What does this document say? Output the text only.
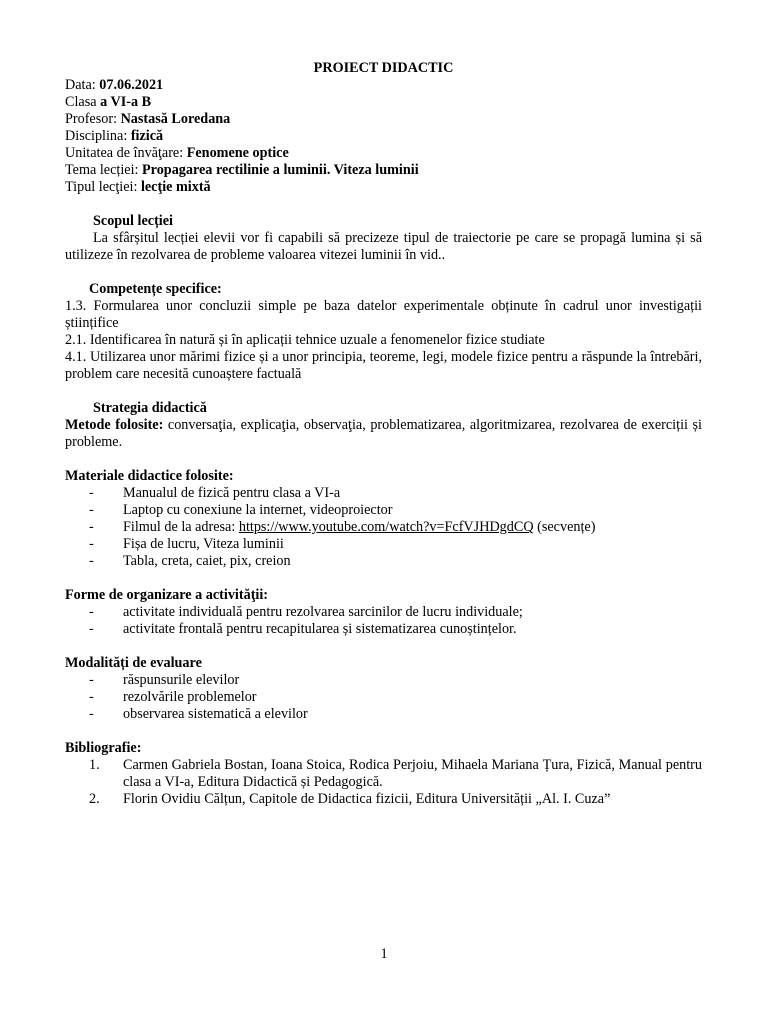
PROIECT DIDACTIC
Data: 07.06.2021
Clasa a VI-a B
Profesor: Nastasă Loredana
Disciplina: fizică
Unitatea de învăţare: Fenomene optice
Tema lecției: Propagarea rectilinie a luminii. Viteza luminii
Tipul lecţiei: lecţie mixtă
Scopul lecției
La sfârșitul lecției elevii vor fi capabili să precizeze tipul de traiectorie pe care se propagă lumina și să utilizeze în rezolvarea de probleme valoarea vitezei luminii în vid..
Competențe specifice:
1.3. Formularea unor concluzii simple pe baza datelor experimentale obținute în cadrul unor investigații științifice
2.1. Identificarea în natură și în aplicații tehnice uzuale a fenomenelor fizice studiate
4.1. Utilizarea unor mărimi fizice și a unor principia, teoreme, legi, modele fizice pentru a răspunde la întrebări, problem care necesită cunoaștere factuală
Strategia didactică
Metode folosite: conversaţia, explicaţia, observaţia, problematizarea, algoritmizarea, rezolvarea de exerciții și probleme.
Materiale didactice folosite:
- Manualul de fizică pentru clasa a VI-a
- Laptop cu conexiune la internet, videoproiector
- Filmul de la adresa: https://www.youtube.com/watch?v=FcfVJHDgdCQ (secvențe)
- Fișa de lucru, Viteza luminii
- Tabla, creta, caiet, pix, creion
Forme de organizare a activităţii:
- activitate individuală pentru rezolvarea sarcinilor de lucru individuale;
- activitate frontală pentru recapitularea și sistematizarea cunoștințelor.
Modalități de evaluare
- răspunsurile elevilor
- rezolvările problemelor
- observarea sistematică a elevilor
Bibliografie:
1. Carmen Gabriela Bostan, Ioana Stoica, Rodica Perjoiu, Mihaela Mariana Țura, Fizică, Manual pentru clasa a VI-a, Editura Didactică și Pedagogică.
2. Florin Ovidiu Călțun, Capitole de Didactica fizicii, Editura Universității „Al. I. Cuza”
1
